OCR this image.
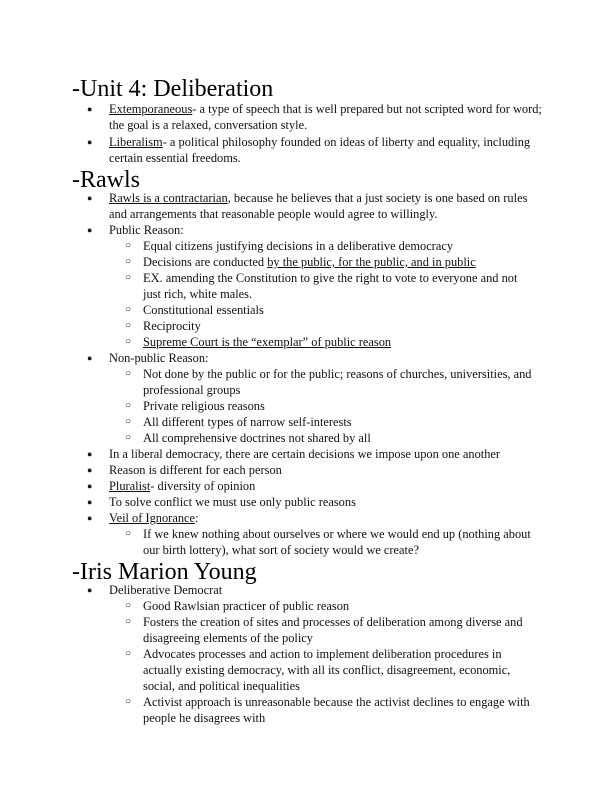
-Unit 4: Deliberation
●	Extemporaneous- a type of speech that is well prepared but not scripted word for word; the goal is a relaxed, conversation style.
●	Liberalism- a political philosophy founded on ideas of liberty and equality, including certain essential freedoms.
-Rawls
●	Rawls is a contractarian, because he believes that a just society is one based on rules and arrangements that reasonable people would agree to willingly.
●	Public Reason:
○ Equal citizens justifying decisions in a deliberative democracy
○ Decisions are conducted by the public, for the public, and in public
○ EX. amending the Constitution to give the right to vote to everyone and not just rich, white males.
○ Constitutional essentials
○ Reciprocity
○ Supreme Court is the “exemplar” of public reason
●	Non-public Reason:
○ Not done by the public or for the public; reasons of churches, universities, and professional groups
○ Private religious reasons
○ All different types of narrow self-interests
○ All comprehensive doctrines not shared by all
●	In a liberal democracy, there are certain decisions we impose upon one another
●	Reason is different for each person
●	Pluralist- diversity of opinion
●	To solve conflict we must use only public reasons
●	Veil of Ignorance:
○ If we knew nothing about ourselves or where we would end up (nothing about our birth lottery), what sort of society would we create?
-Iris Marion Young
●	Deliberative Democrat
○ Good Rawlsian practicer of public reason
○ Fosters the creation of sites and processes of deliberation among diverse and disagreeing elements of the policy
○ Advocates processes and action to implement deliberation procedures in actually existing democracy, with all its conflict, disagreement, economic, social, and political inequalities
○ Activist approach is unreasonable because the activist declines to engage with people he disagrees with
